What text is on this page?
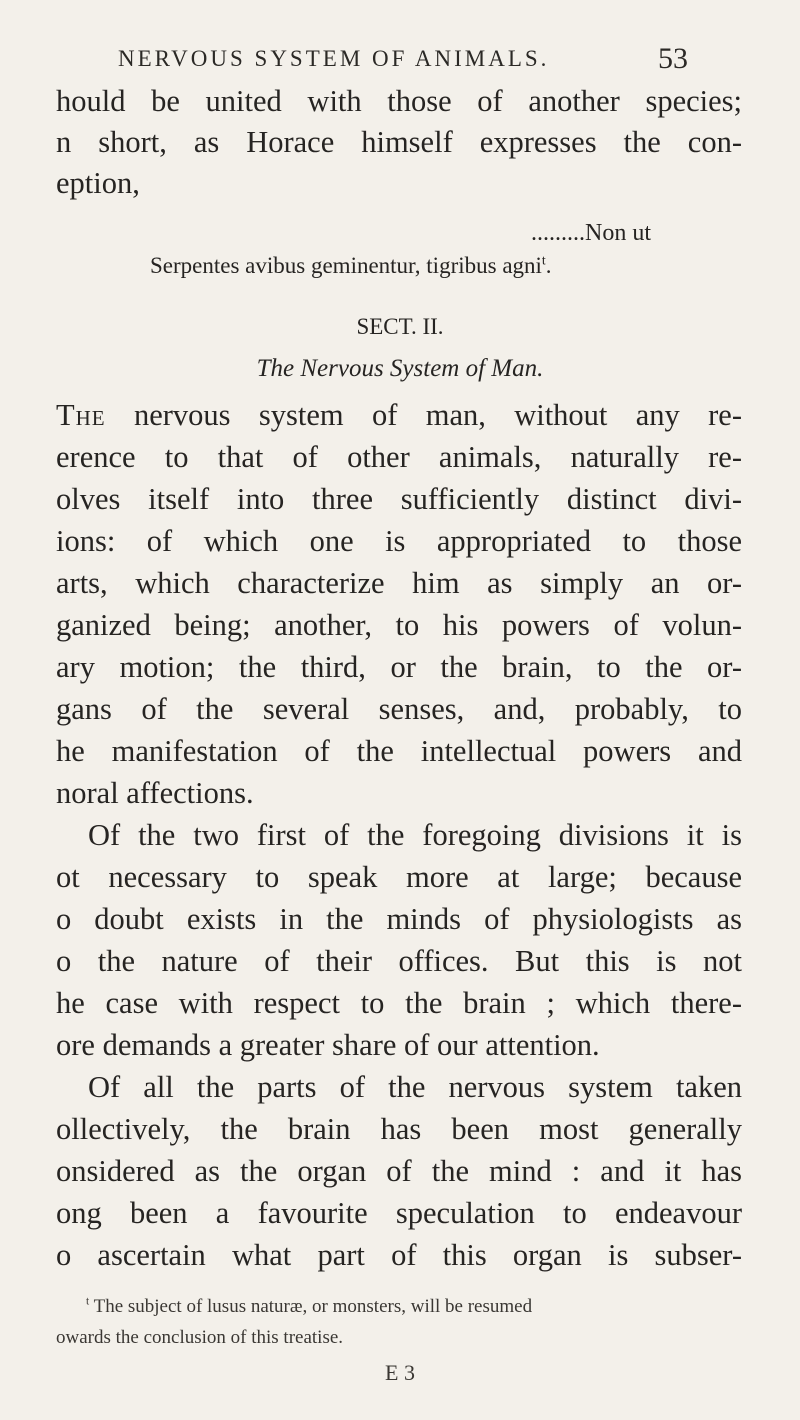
NERVOUS SYSTEM OF ANIMALS.	53
hould be united with those of another species;
n short, as Horace himself expresses the con-
eption,
.........Non ut
Serpentes avibus geminentur, tigribus agni$^t$.
SECT. II.
The Nervous System of Man.
The nervous system of man, without any re-
erence to that of other animals, naturally re-
olves itself into three sufficiently distinct divi-
ions: of which one is appropriated to those
arts, which characterize him as simply an or-
ganized being; another, to his powers of volun-
ary motion; the third, or the brain, to the or-
gans of the several senses, and, probably, to
he manifestation of the intellectual powers and
noral affections.
Of the two first of the foregoing divisions it is
ot necessary to speak more at large; because
o doubt exists in the minds of physiologists as
o the nature of their offices. But this is not
he case with respect to the brain ; which there-
ore demands a greater share of our attention.
Of all the parts of the nervous system taken
ollectively, the brain has been most generally
onsidered as the organ of the mind : and it has
ong been a favourite speculation to endeavour
o ascertain what part of this organ is subser-
$^t$ The subject of lusus naturæ, or monsters, will be resumed
owards the conclusion of this treatise.
E 3
